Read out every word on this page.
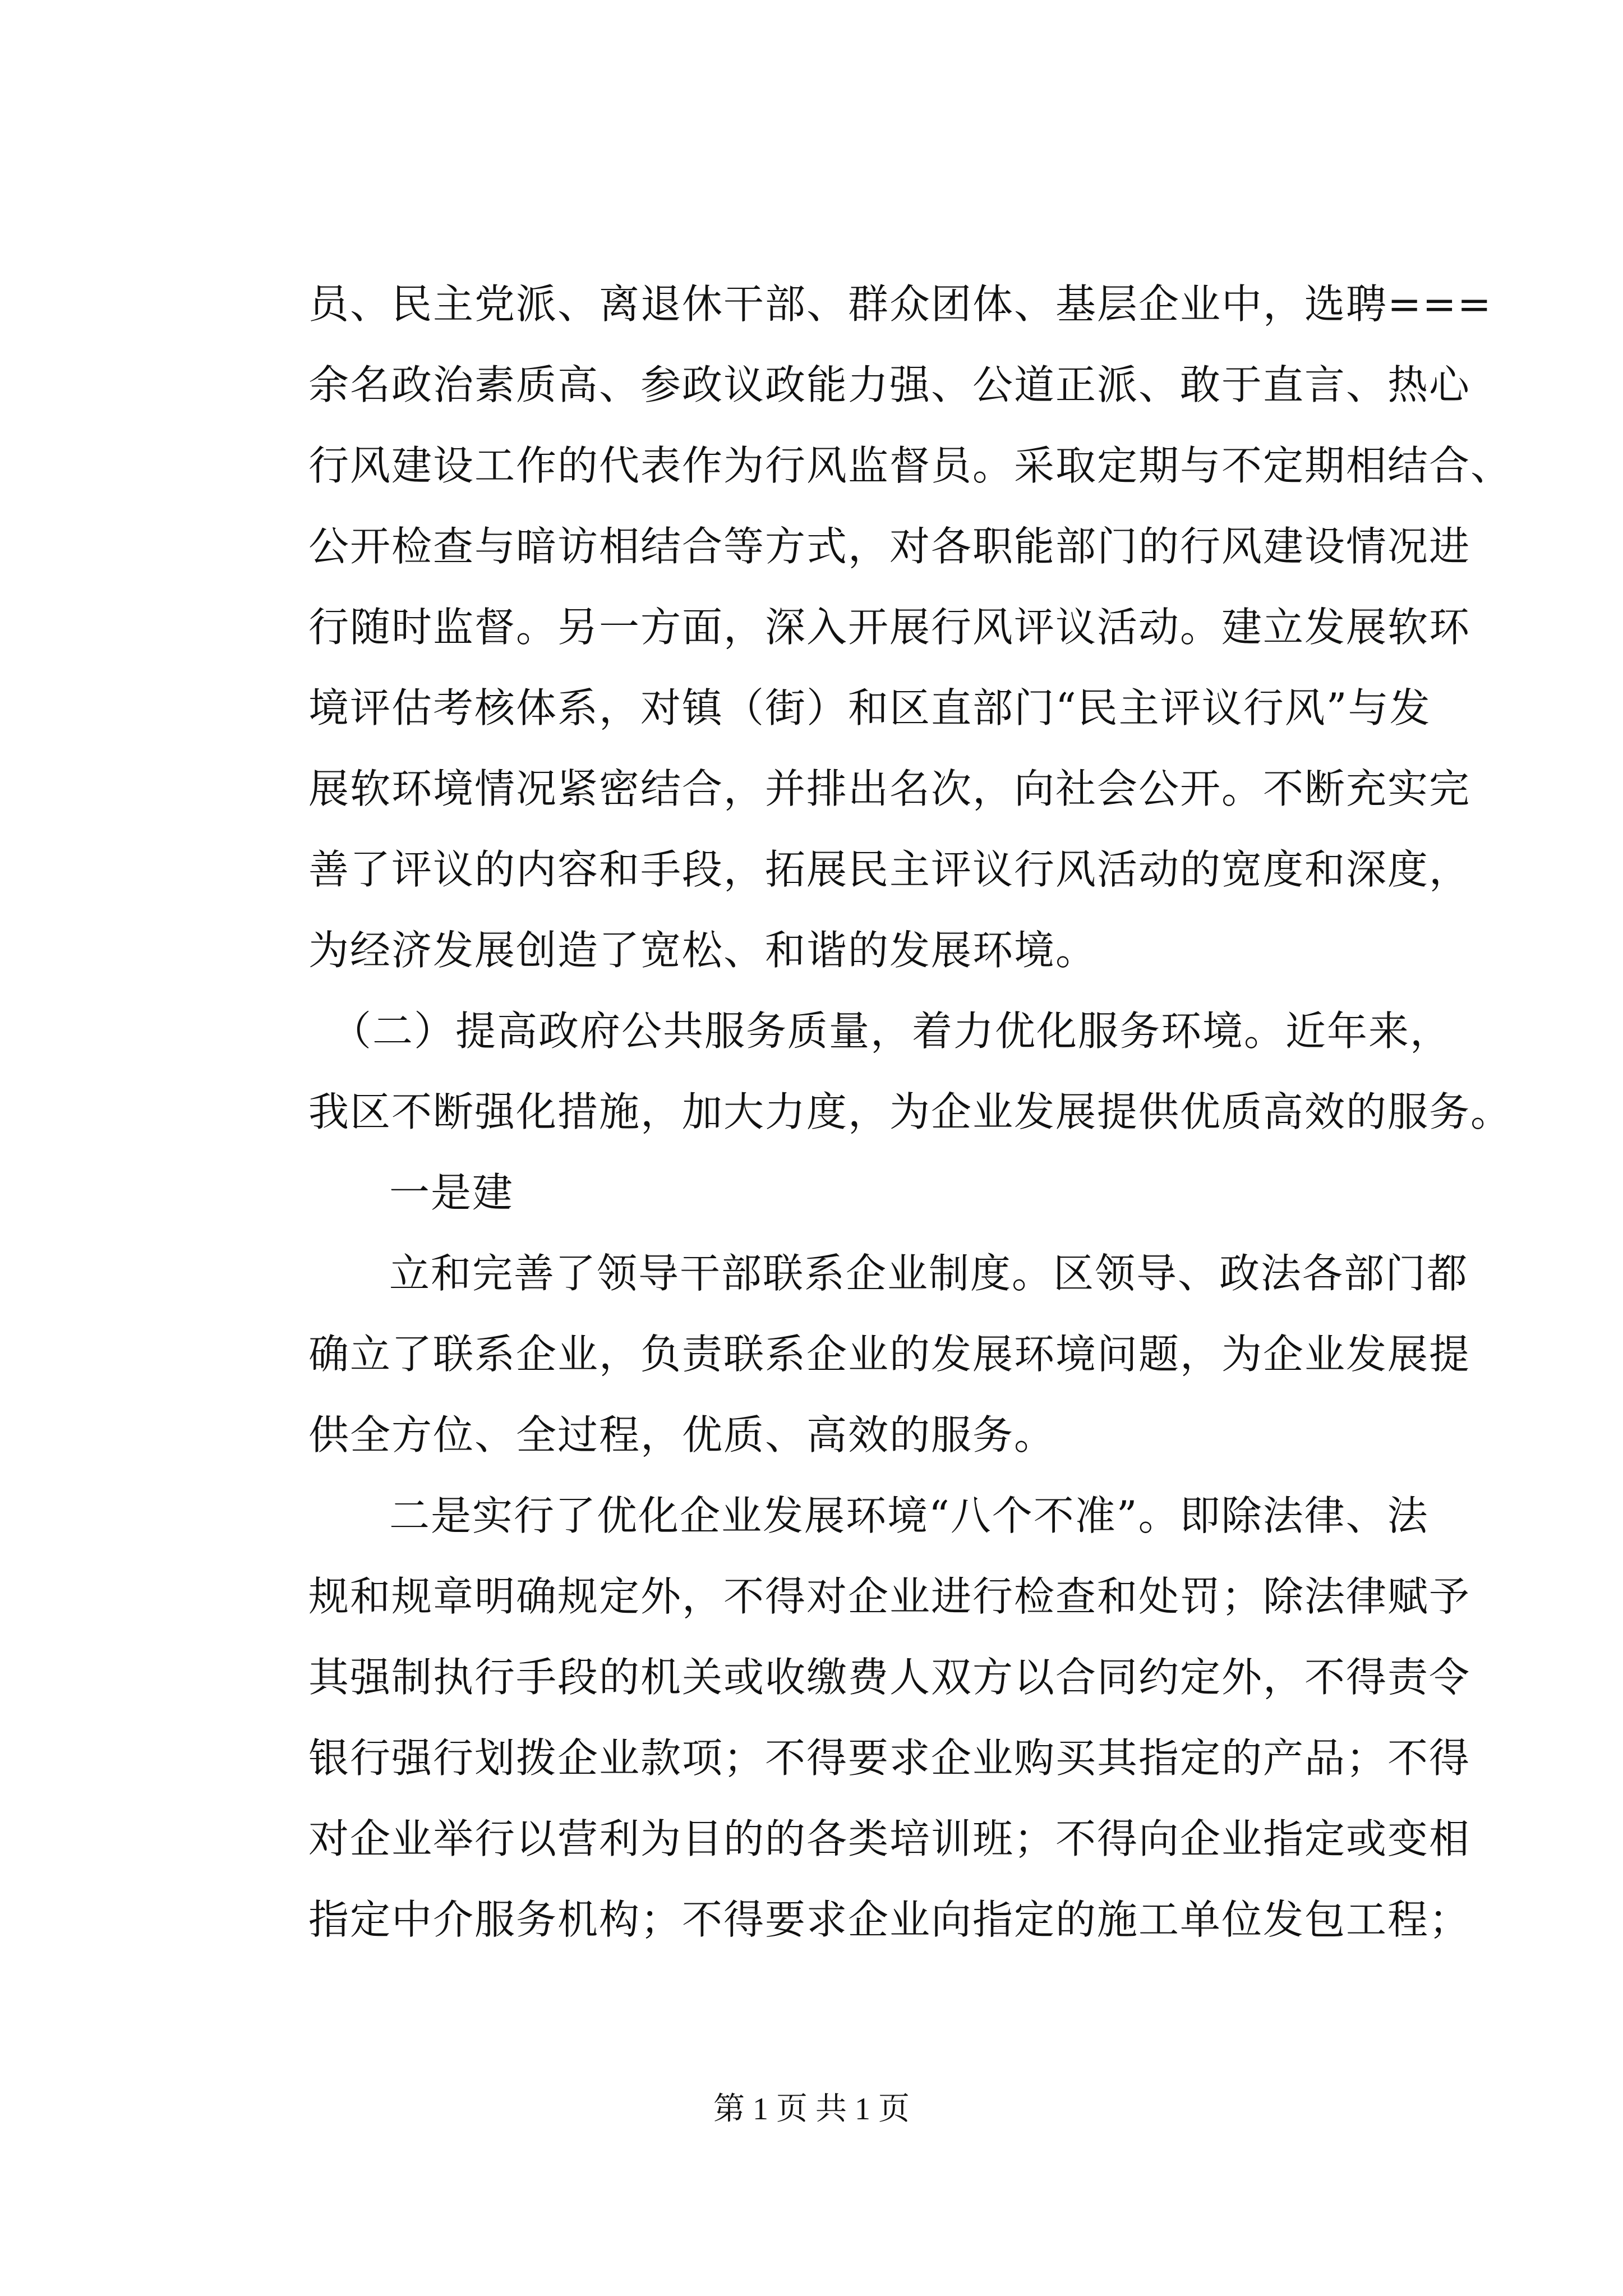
员、民主党派、离退休干部、群众团体、基层企业中，选聘===
余名政治素质高、参政议政能力强、公道正派、敢于直言、热心
行风建设工作的代表作为行风监督员。采取定期与不定期相结合、
公开检查与暗访相结合等方式，对各职能部门的行风建设情况进
行随时监督。另一方面，深入开展行风评议活动。建立发展软环
境评估考核体系，对镇（街）和区直部门“民主评议行风”与发
展软环境情况紧密结合，并排出名次，向社会公开。不断充实完
善了评议的内容和手段，拓展民主评议行风活动的宽度和深度，
为经济发展创造了宽松、和谐的发展环境。
（二）提高政府公共服务质量，着力优化服务环境。近年来，
我区不断强化措施，加大力度，为企业发展提供优质高效的服务。
一是建
立和完善了领导干部联系企业制度。区领导、政法各部门都
确立了联系企业，负责联系企业的发展环境问题，为企业发展提
供全方位、全过程，优质、高效的服务。
二是实行了优化企业发展环境“八个不准”。即除法律、法
规和规章明确规定外，不得对企业进行检查和处罚；除法律赋予
其强制执行手段的机关或收缴费人双方以合同约定外，不得责令
银行强行划拨企业款项；不得要求企业购买其指定的产品；不得
对企业举行以营利为目的的各类培训班；不得向企业指定或变相
指定中介服务机构；不得要求企业向指定的施工单位发包工程；
第 1 页 共 1 页
